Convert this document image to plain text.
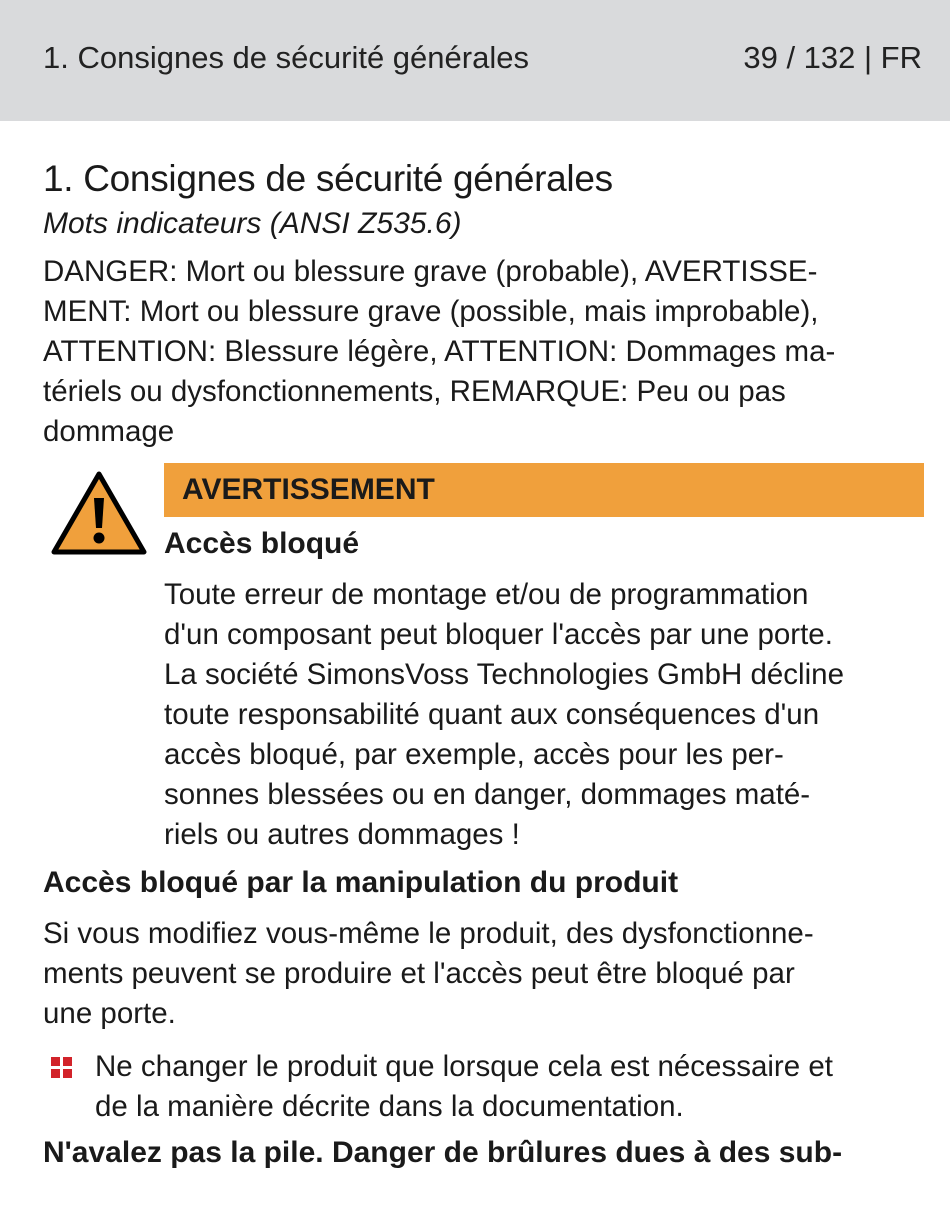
1. Consignes de sécurité générales	39 / 132 | FR
1. Consignes de sécurité générales
Mots indicateurs (ANSI Z535.6)
DANGER: Mort ou blessure grave (probable), AVERTISSE-
MENT: Mort ou blessure grave (possible, mais improbable),
ATTENTION: Blessure légère, ATTENTION: Dommages ma-
tériels ou dysfonctionnements, REMARQUE: Peu ou pas
dommage
AVERTISSEMENT
Accès bloqué
Toute erreur de montage et/ou de programmation
d'un composant peut bloquer l'accès par une porte.
La société SimonsVoss Technologies GmbH décline
toute responsabilité quant aux conséquences d'un
accès bloqué, par exemple, accès pour les per-
sonnes blessées ou en danger, dommages maté-
riels ou autres dommages !
Accès bloqué par la manipulation du produit
Si vous modifiez vous-même le produit, des dysfonctionne-
ments peuvent se produire et l'accès peut être bloqué par
une porte.
Ne changer le produit que lorsque cela est nécessaire et
de la manière décrite dans la documentation.
N'avalez pas la pile. Danger de brûlures dues à des sub-
